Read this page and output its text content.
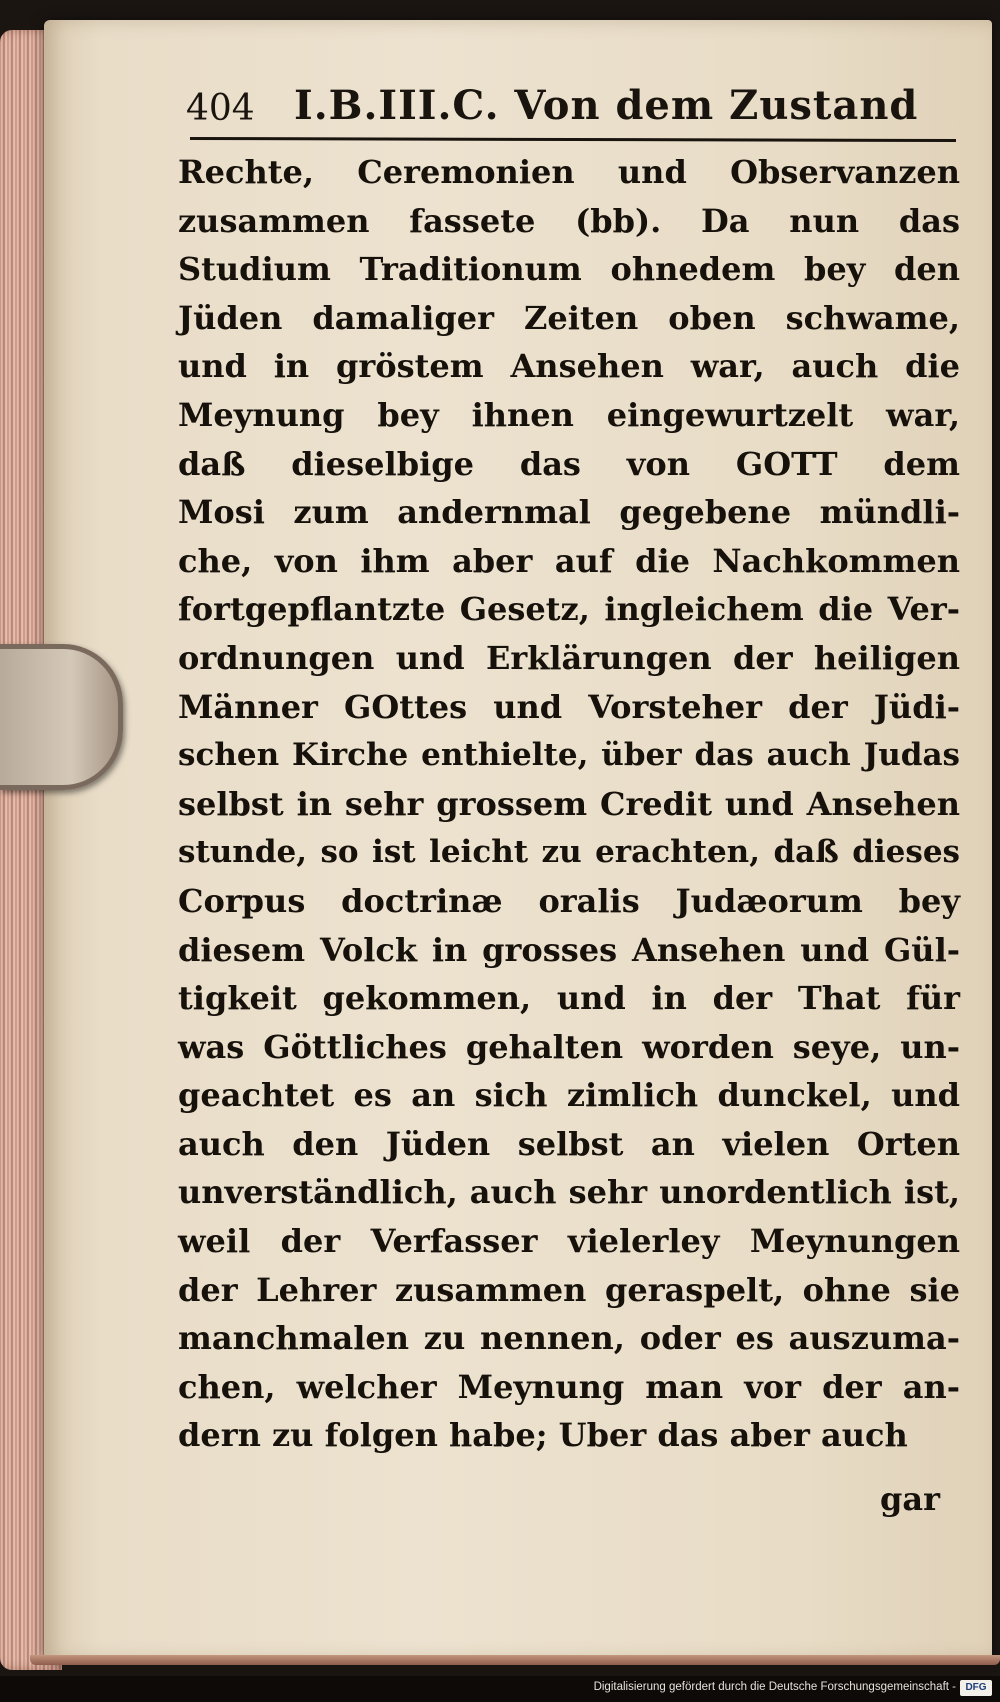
404 I.B.III.C. Von dem Zustand
Rechte, Ceremonien und Observanzen
zusammen fassete (bb). Da nun das
Studium Traditionum ohnedem bey den
Jüden damaliger Zeiten oben schwame,
und in gröstem Ansehen war, auch die
Meynung bey ihnen eingewurtzelt war,
daß dieselbige das von GOTT dem
Mosi zum andernmal gegebene mündli-
che, von ihm aber auf die Nachkommen
fortgepflantzte Gesetz, ingleichem die Ver-
ordnungen und Erklärungen der heiligen
Männer GOttes und Vorsteher der Jüdi-
schen Kirche enthielte, über das auch Judas
selbst in sehr grossem Credit und Ansehen
stunde, so ist leicht zu erachten, daß dieses
Corpus doctrinæ oralis Judæorum bey
diesem Volck in grosses Ansehen und Gül-
tigkeit gekommen, und in der That für
was Göttliches gehalten worden seye, un-
geachtet es an sich zimlich dunckel, und
auch den Jüden selbst an vielen Orten
unverständlich, auch sehr unordentlich ist,
weil der Verfasser vielerley Meynungen
der Lehrer zusammen geraspelt, ohne sie
manchmalen zu nennen, oder es auszuma-
chen, welcher Meynung man vor der an-
dern zu folgen habe; Uber das aber auch
gar
Digitalisierung gefördert durch die Deutsche Forschungsgemeinschaft - DFG
